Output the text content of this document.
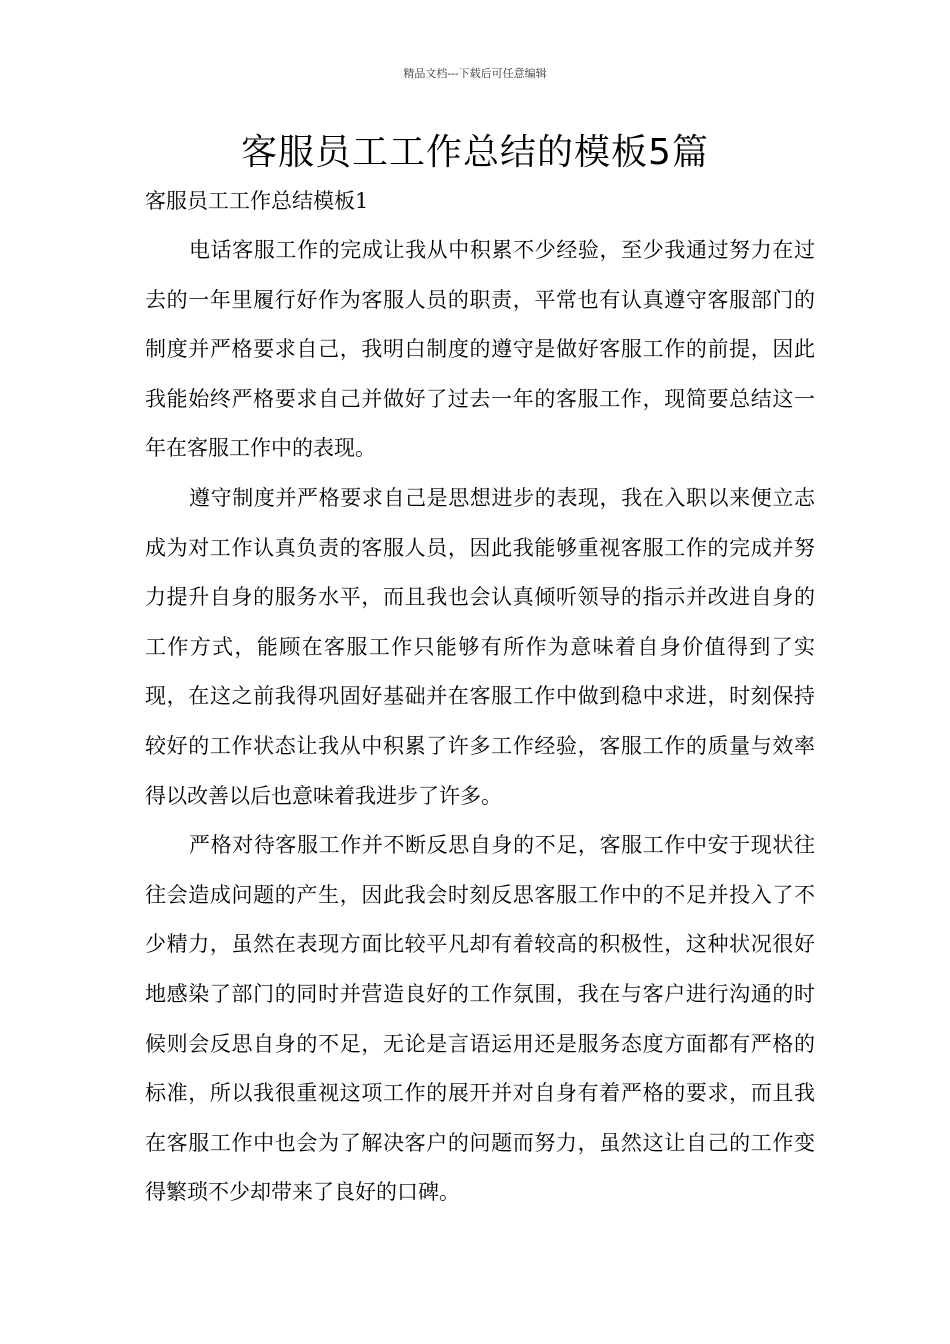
精品文档---下载后可任意编辑
客服员工工作总结的模板5篇
客服员工工作总结模板1

电话客服工作的完成让我从中积累不少经验，至少我通过努力在过去的一年里履行好作为客服人员的职责，平常也有认真遵守客服部门的制度并严格要求自己，我明白制度的遵守是做好客服工作的前提，因此我能始终严格要求自己并做好了过去一年的客服工作，现简要总结这一年在客服工作中的表现。

遵守制度并严格要求自己是思想进步的表现，我在入职以来便立志成为对工作认真负责的客服人员，因此我能够重视客服工作的完成并努力提升自身的服务水平，而且我也会认真倾听领导的指示并改进自身的工作方式，能顾在客服工作只能够有所作为意味着自身价值得到了实现，在这之前我得巩固好基础并在客服工作中做到稳中求进，时刻保持较好的工作状态让我从中积累了许多工作经验，客服工作的质量与效率得以改善以后也意味着我进步了许多。

严格对待客服工作并不断反思自身的不足，客服工作中安于现状往往会造成问题的产生，因此我会时刻反思客服工作中的不足并投入了不少精力，虽然在表现方面比较平凡却有着较高的积极性，这种状况很好地感染了部门的同时并营造良好的工作氛围，我在与客户进行沟通的时候则会反思自身的不足，无论是言语运用还是服务态度方面都有严格的标准，所以我很重视这项工作的展开并对自身有着严格的要求，而且我在客服工作中也会为了解决客户的问题而努力，虽然这让自己的工作变得繁琐不少却带来了良好的口碑。
